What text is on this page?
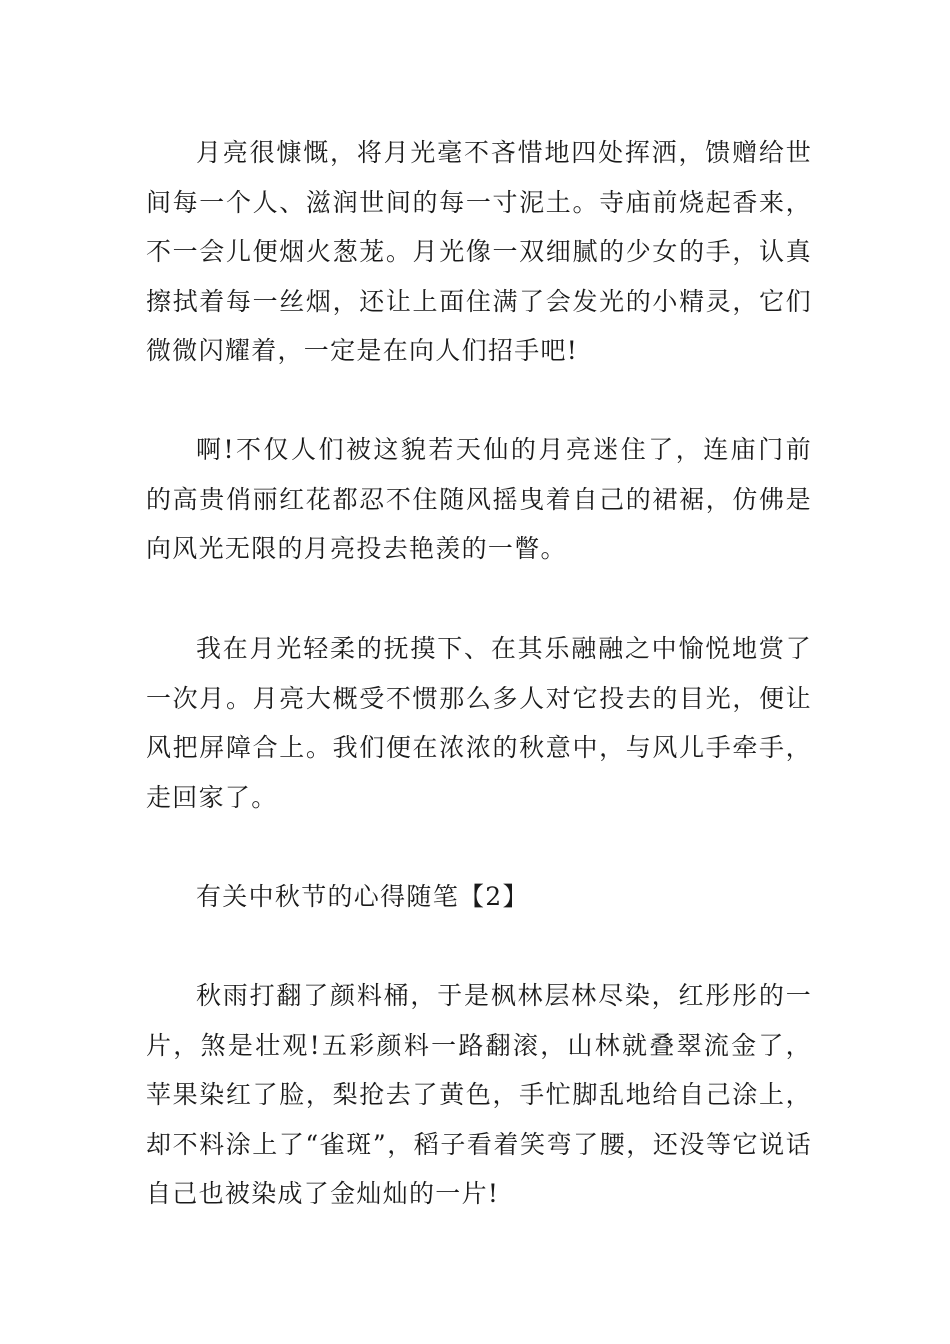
月亮很慷慨，将月光毫不吝惜地四处挥洒，馈赠给世间每一个人、滋润世间的每一寸泥土。寺庙前烧起香来，不一会儿便烟火葱茏。月光像一双细腻的少女的手，认真擦拭着每一丝烟，还让上面住满了会发光的小精灵，它们微微闪耀着，一定是在向人们招手吧!

啊!不仅人们被这貌若天仙的月亮迷住了，连庙门前的高贵俏丽红花都忍不住随风摇曳着自己的裙裾，仿佛是向风光无限的月亮投去艳羡的一瞥。

我在月光轻柔的抚摸下、在其乐融融之中愉悦地赏了一次月。月亮大概受不惯那么多人对它投去的目光，便让风把屏障合上。我们便在浓浓的秋意中，与风儿手牵手，走回家了。

有关中秋节的心得随笔【2】

秋雨打翻了颜料桶，于是枫林层林尽染，红彤彤的一片，煞是壮观!五彩颜料一路翻滚，山林就叠翠流金了，苹果染红了脸，梨抢去了黄色，手忙脚乱地给自己涂上，却不料涂上了“雀斑”，稻子看着笑弯了腰，还没等它说话自己也被染成了金灿灿的一片!
